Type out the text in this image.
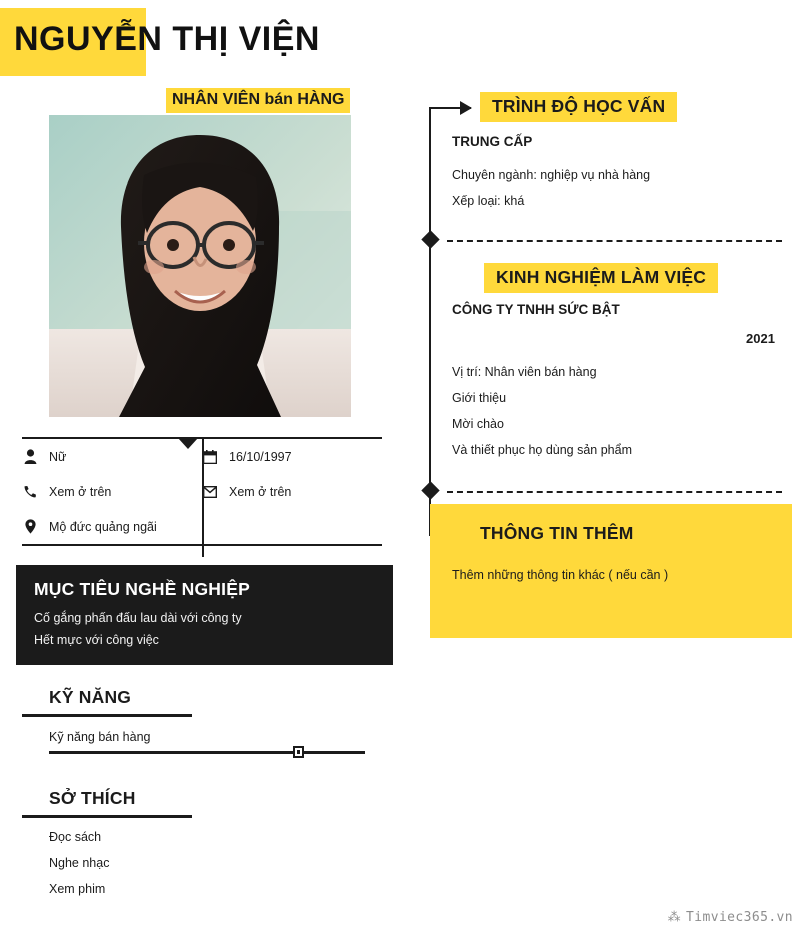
NGUYỄN THỊ VIỆN
NHÂN VIÊN bán HÀNG
Nữ	16/10/1997
Xem ở trên	Xem ở trên
Mộ đức quảng ngãi
MỤC TIÊU NGHỀ NGHIỆP

Cố gắng phấn đấu lau dài với công ty

Hết mực với công việc

KỸ NĂNG
Kỹ năng bán hàng
SỞ THÍCH
Đọc sách
Nghe nhạc
Xem phim
TRÌNH ĐỘ HỌC VẤN
TRUNG CẤP
Chuyên ngành: nghiệp vụ nhà hàng
Xếp loại: khá
KINH NGHIỆM LÀM VIỆC
CÔNG TY TNHH SỨC BẬT
2021
Vị trí: Nhân viên bán hàng
Giới thiệu
Mời chào
Và thiết phục họ dùng sản phẩm
THÔNG TIN THÊM
Thêm những thông tin khác ( nếu cần )
⁂ Timviec365.vn
